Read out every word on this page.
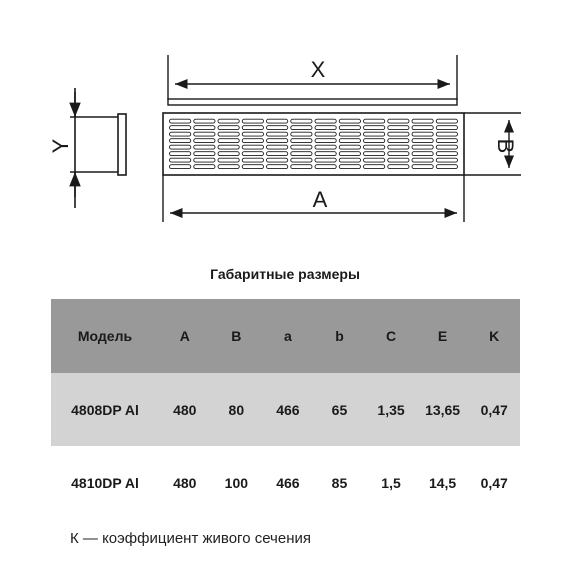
Y
X
A
B
Габаритные размеры
Модель	A	B	a	b	C	E	K
4808DP Al	480	80	466	65	1,35	13,65	0,47
4810DP Al	480	100	466	85	1,5	14,5	0,47
К — коэффициент живого сечения
